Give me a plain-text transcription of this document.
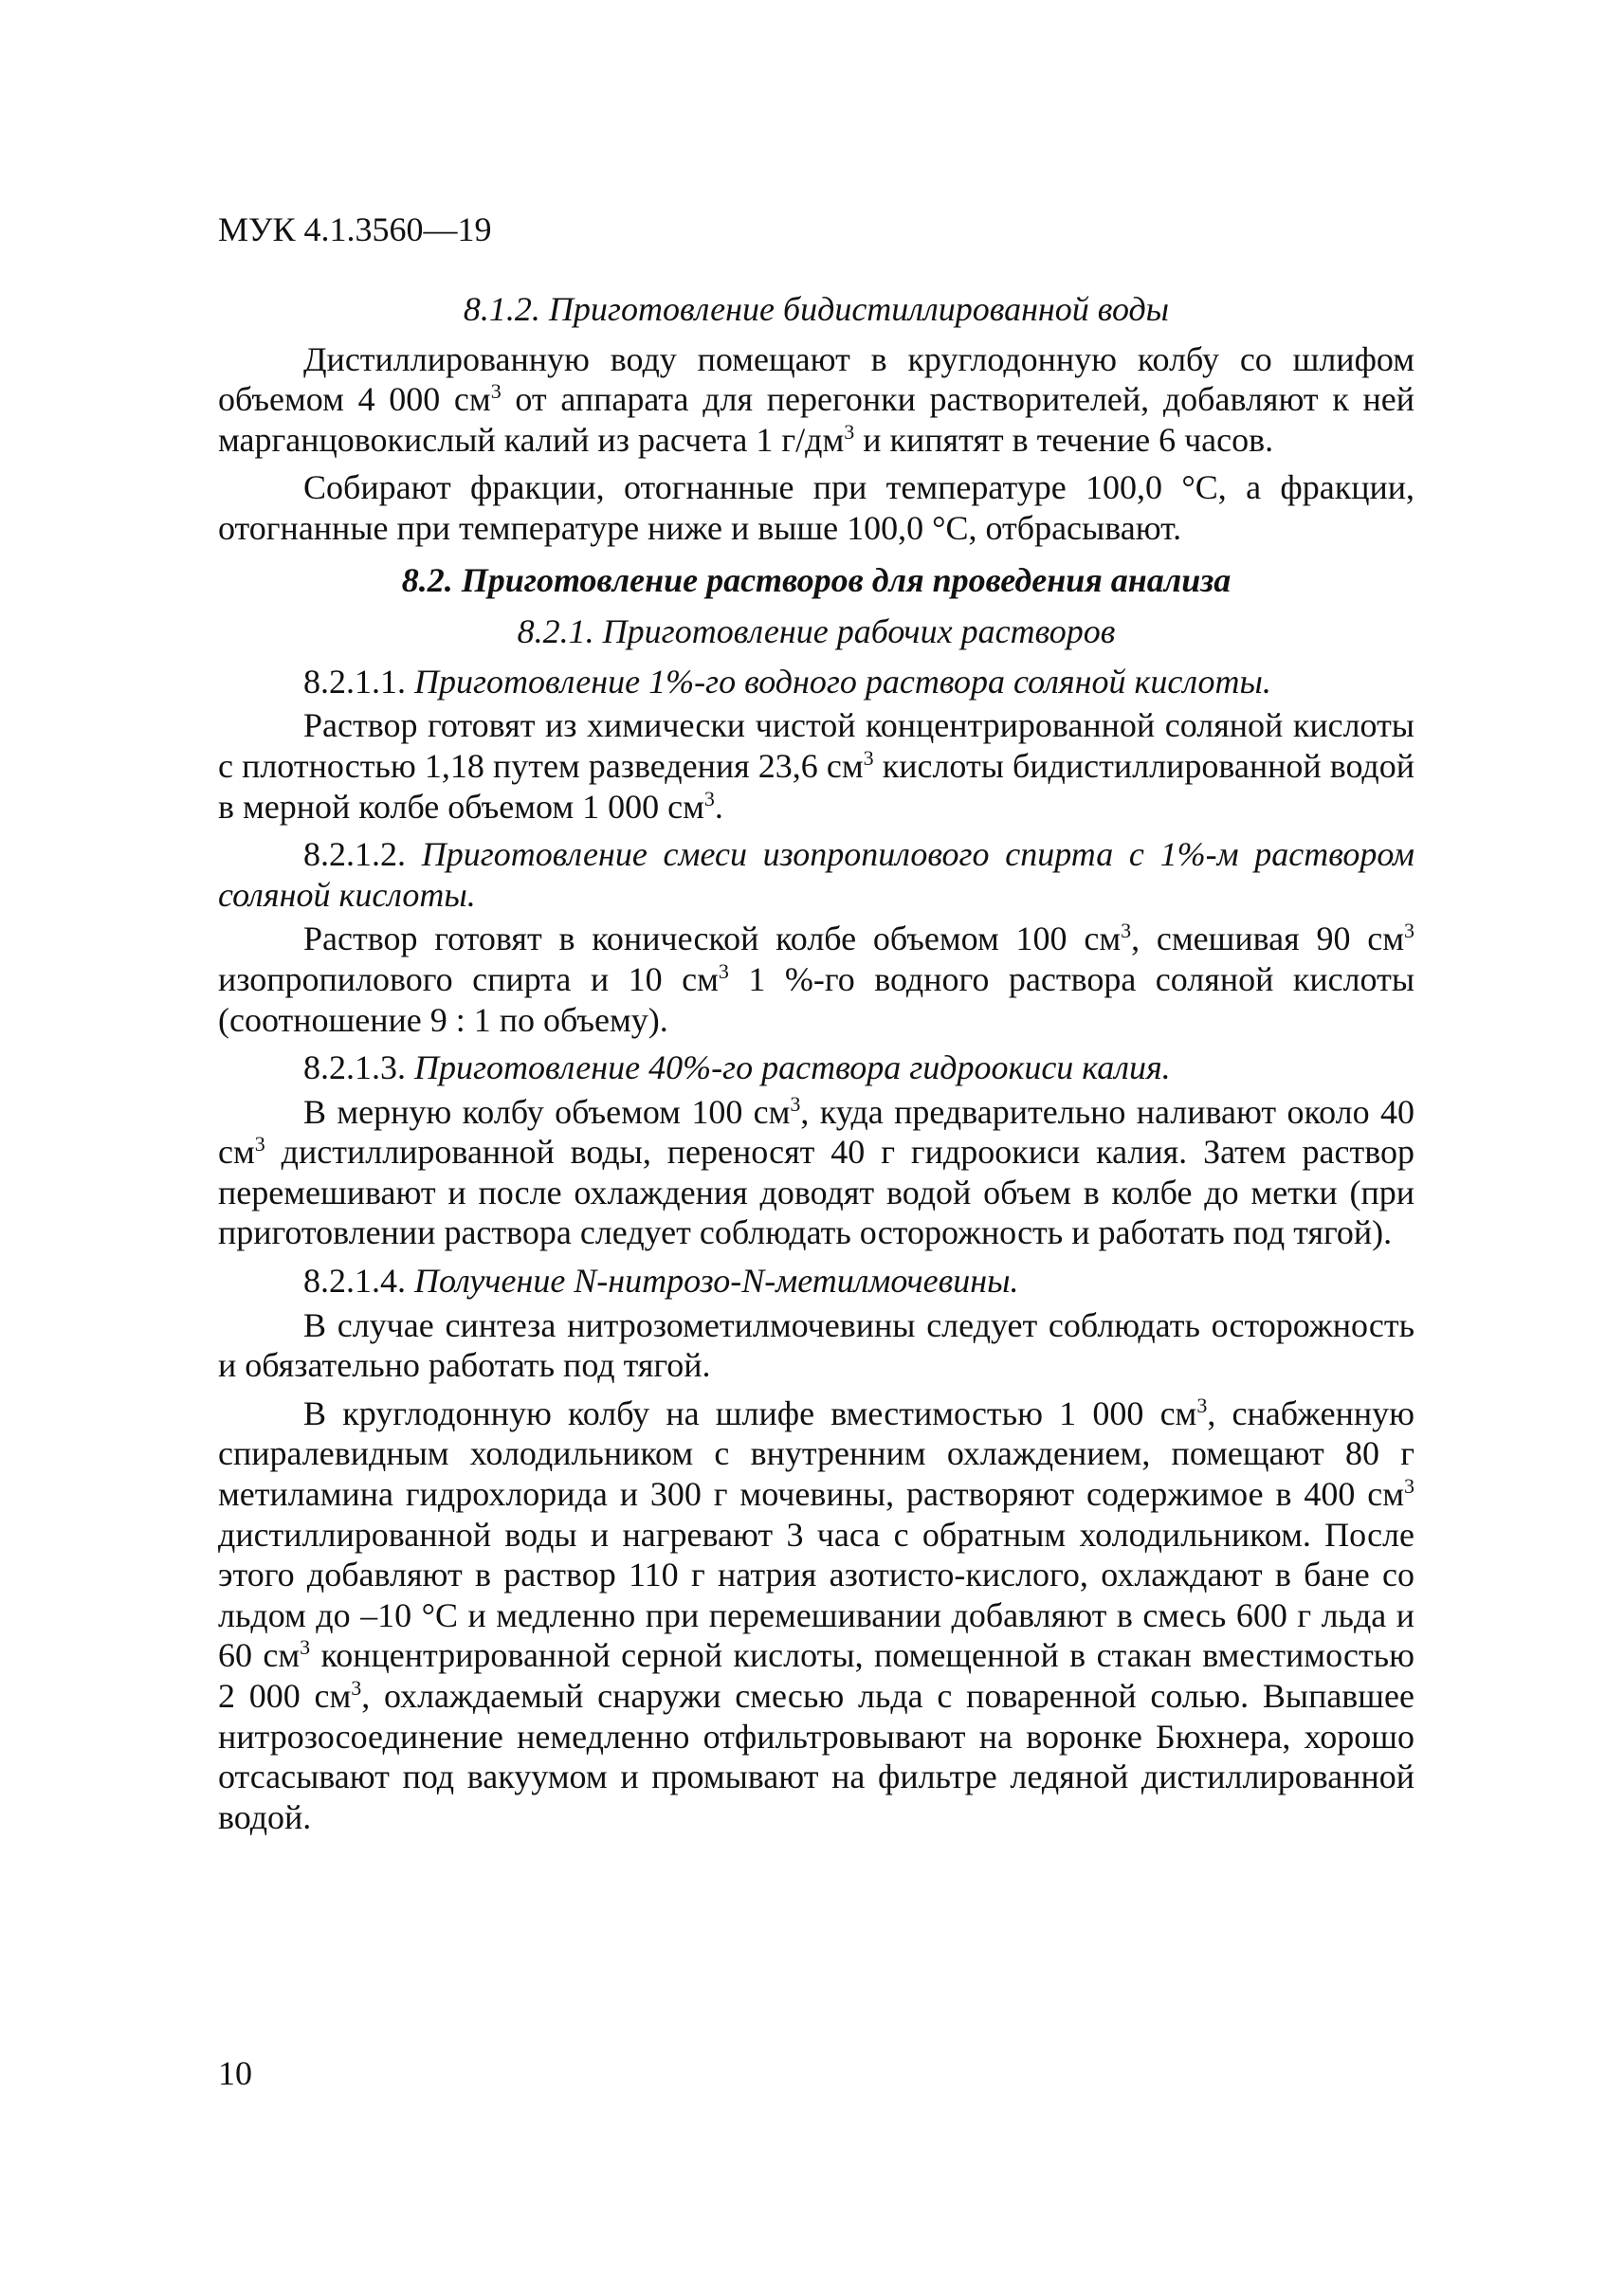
МУК 4.1.3560—19

8.1.2. Приготовление бидистиллированной воды

Дистиллированную воду помещают в круглодонную колбу со шлифом объемом 4 000 $см^3$ от аппарата для перегонки растворителей, добавляют к ней марганцовокислый калий из расчета 1 $г/дм^3$ и кипятят в течение 6 часов.

Собирают фракции, отогнанные при температуре 100,0 °С, а фракции, отогнанные при температуре ниже и выше 100,0 °С, отбрасывают.

8.2. Приготовление растворов для проведения анализа

8.2.1. Приготовление рабочих растворов

8.2.1.1. Приготовление 1%-го водного раствора соляной кислоты.

Раствор готовят из химически чистой концентрированной соляной кислоты с плотностью 1,18 путем разведения 23,6 $см^3$ кислоты бидистиллированной водой в мерной колбе объемом 1 000 $см^3$.

8.2.1.2. Приготовление смеси изопропилового спирта с 1%-м раствором соляной кислоты.

Раствор готовят в конической колбе объемом 100 $см^3$, смешивая 90 $см^3$ изопропилового спирта и 10 $см^3$ 1 %-го водного раствора соляной кислоты (соотношение 9 : 1 по объему).

8.2.1.3. Приготовление 40%-го раствора гидроокиси калия.

В мерную колбу объемом 100 $см^3$, куда предварительно наливают около 40 $см^3$ дистиллированной воды, переносят 40 г гидроокиси калия. Затем раствор перемешивают и после охлаждения доводят водой объем в колбе до метки (при приготовлении раствора следует соблюдать осторожность и работать под тягой).

8.2.1.4. Получение N-нитрозо-N-метилмочевины.

В случае синтеза нитрозометилмочевины следует соблюдать осторожность и обязательно работать под тягой.

В круглодонную колбу на шлифе вместимостью 1 000 $см^3$, снабженную спиралевидным холодильником с внутренним охлаждением, помещают 80 г метиламина гидрохлорида и 300 г мочевины, растворяют содержимое в 400 $см^3$ дистиллированной воды и нагревают 3 часа с обратным холодильником. После этого добавляют в раствор 110 г натрия азотисто-кислого, охлаждают в бане со льдом до –10 °С и медленно при перемешивании добавляют в смесь 600 г льда и 60 $см^3$ концентрированной серной кислоты, помещенной в стакан вместимостью 2 000 $см^3$, охлаждаемый снаружи смесью льда с поваренной солью. Выпавшее нитрозосоединение немедленно отфильтровывают на воронке Бюхнера, хорошо отсасывают под вакуумом и промывают на фильтре ледяной дистиллированной водой.

10
